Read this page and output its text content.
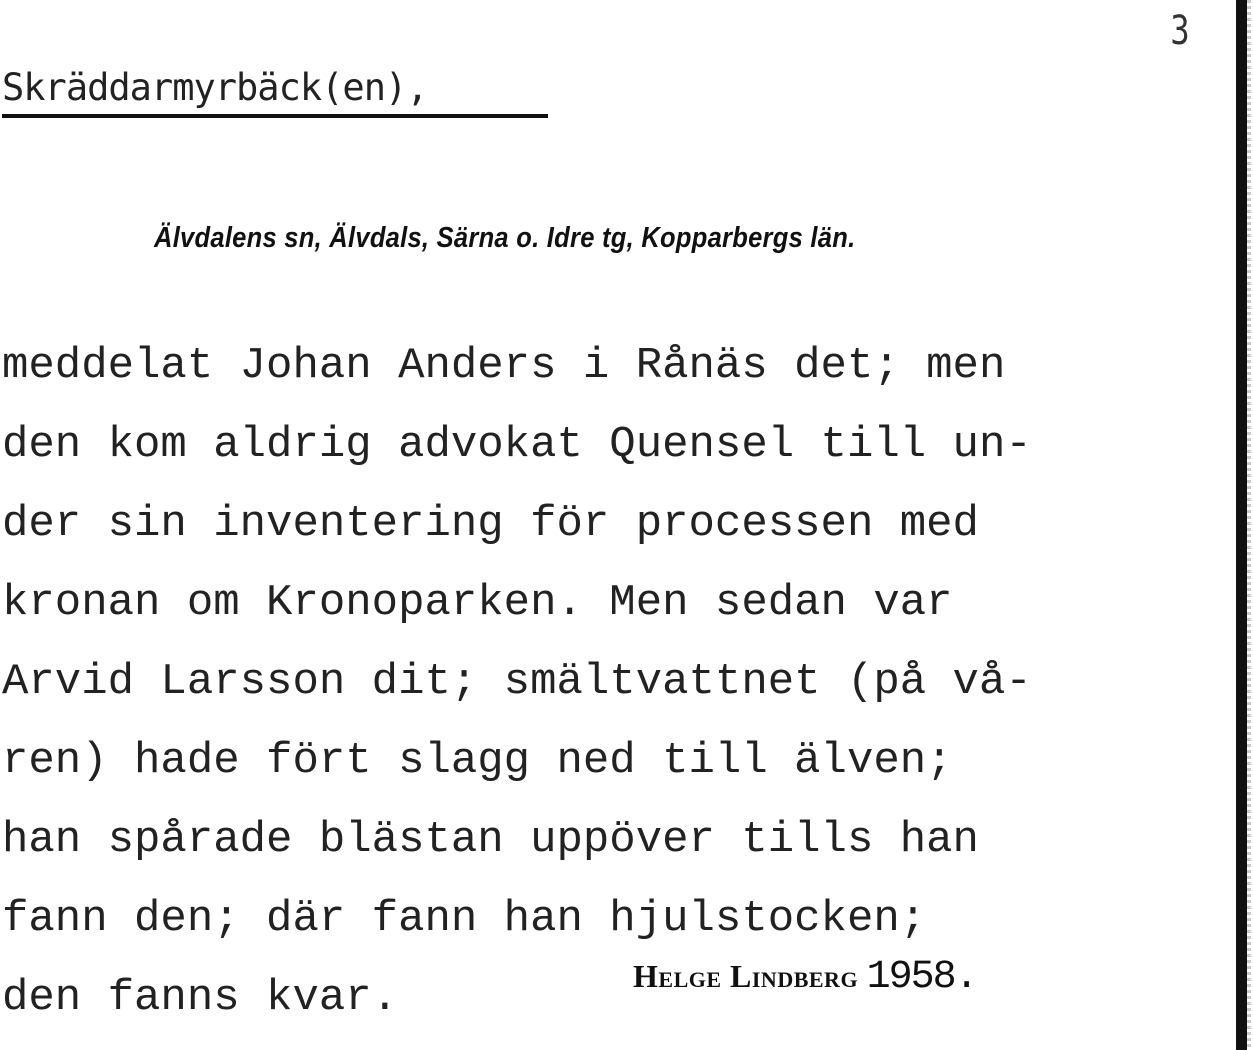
3
Skräddarmyrbäck(en),
Älvdalens sn, Älvdals, Särna o. Idre tg, Kopparbergs län.
meddelat Johan Anders i Rånäs det; men
den kom aldrig advokat Quensel till un-
der sin inventering för processen med
kronan om Kronoparken. Men sedan var
Arvid Larsson dit; smältvattnet (på vå-
ren) hade fört slagg ned till älven;
han spårade blästan uppöver tills han
fann den; där fann han hjulstocken;
den fanns kvar.	Helge Lindberg 1958.
